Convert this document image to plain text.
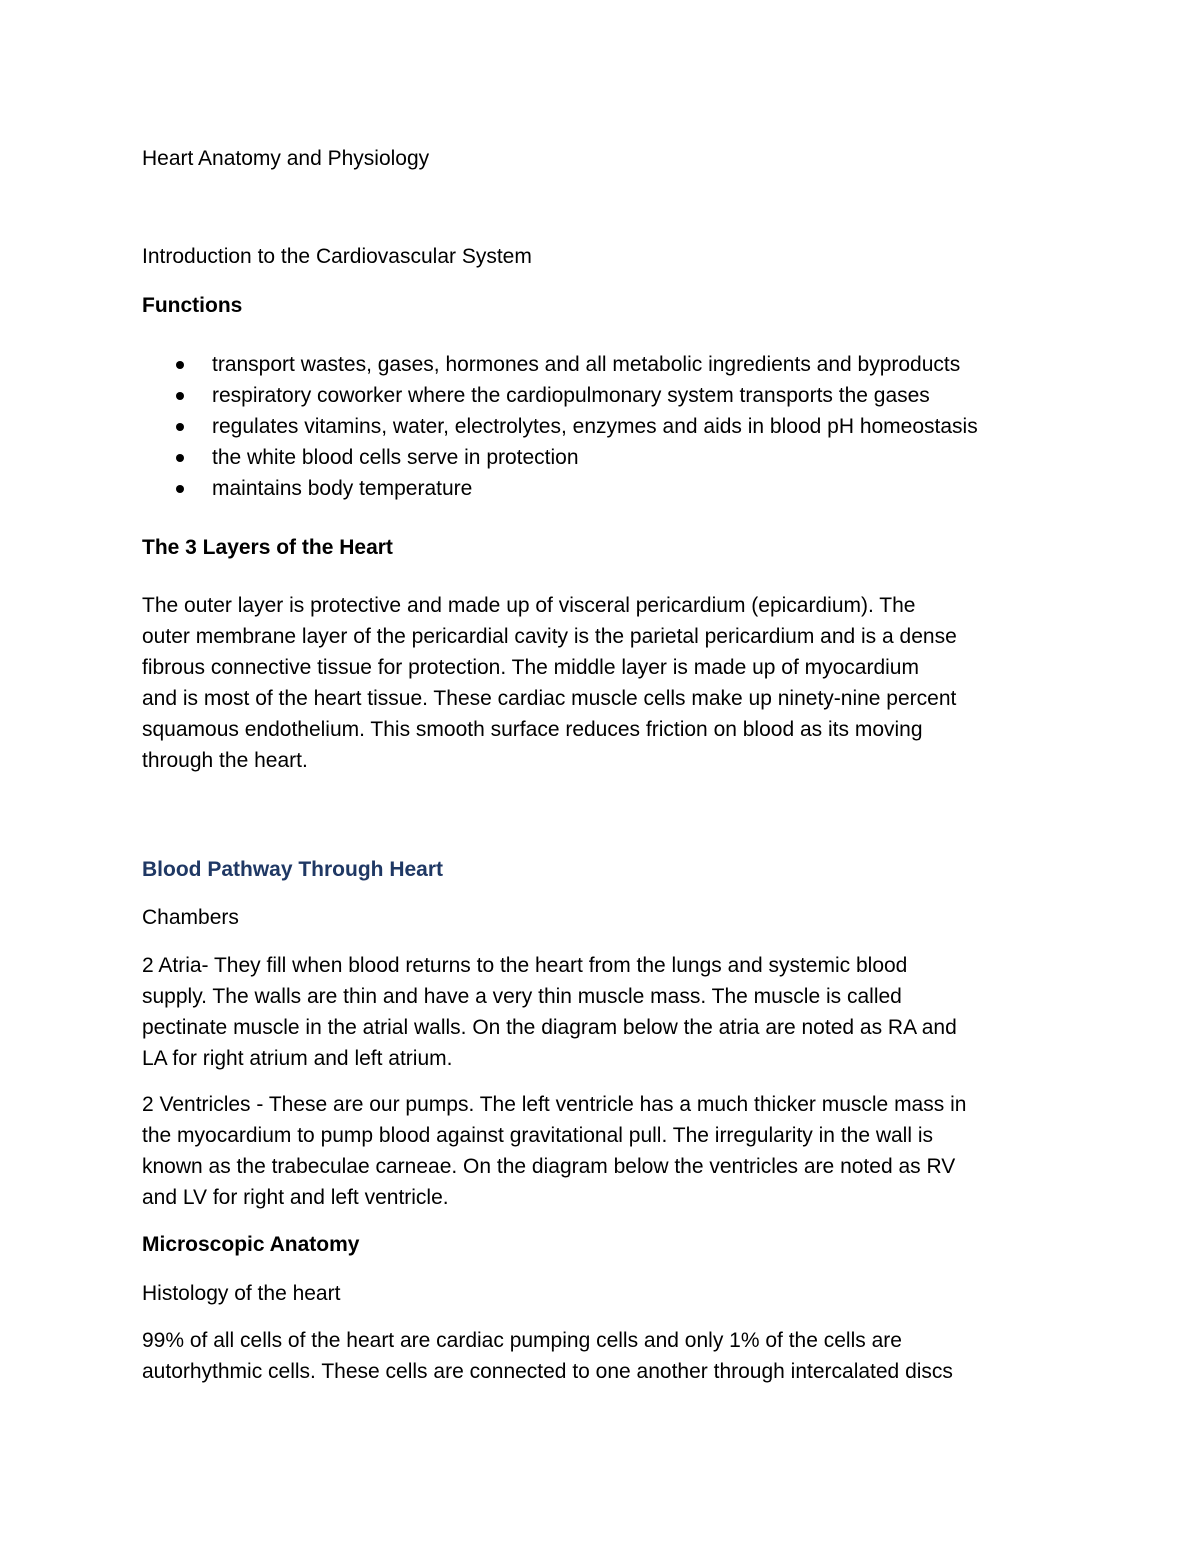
Heart Anatomy and Physiology

Introduction to the Cardiovascular System

Functions

transport wastes, gases, hormones and all metabolic ingredients and byproducts
respiratory coworker where the cardiopulmonary system transports the gases
regulates vitamins, water, electrolytes, enzymes and aids in blood pH homeostasis
the white blood cells serve in protection
maintains body temperature

The 3 Layers of the Heart

The outer layer is protective and made up of visceral pericardium (epicardium). The
outer membrane layer of the pericardial cavity is the parietal pericardium and is a dense
fibrous connective tissue for protection. The middle layer is made up of myocardium
and is most of the heart tissue. These cardiac muscle cells make up ninety-nine percent
squamous endothelium. This smooth surface reduces friction on blood as its moving
through the heart.

Blood Pathway Through Heart

Chambers

2 Atria- They fill when blood returns to the heart from the lungs and systemic blood
supply. The walls are thin and have a very thin muscle mass. The muscle is called
pectinate muscle in the atrial walls. On the diagram below the atria are noted as RA and
LA for right atrium and left atrium.
2 Ventricles - These are our pumps. The left ventricle has a much thicker muscle mass in
the myocardium to pump blood against gravitational pull. The irregularity in the wall is
known as the trabeculae carneae. On the diagram below the ventricles are noted as RV
and LV for right and left ventricle.

Microscopic Anatomy

Histology of the heart

99% of all cells of the heart are cardiac pumping cells and only 1% of the cells are
autorhythmic cells. These cells are connected to one another through intercalated discs
